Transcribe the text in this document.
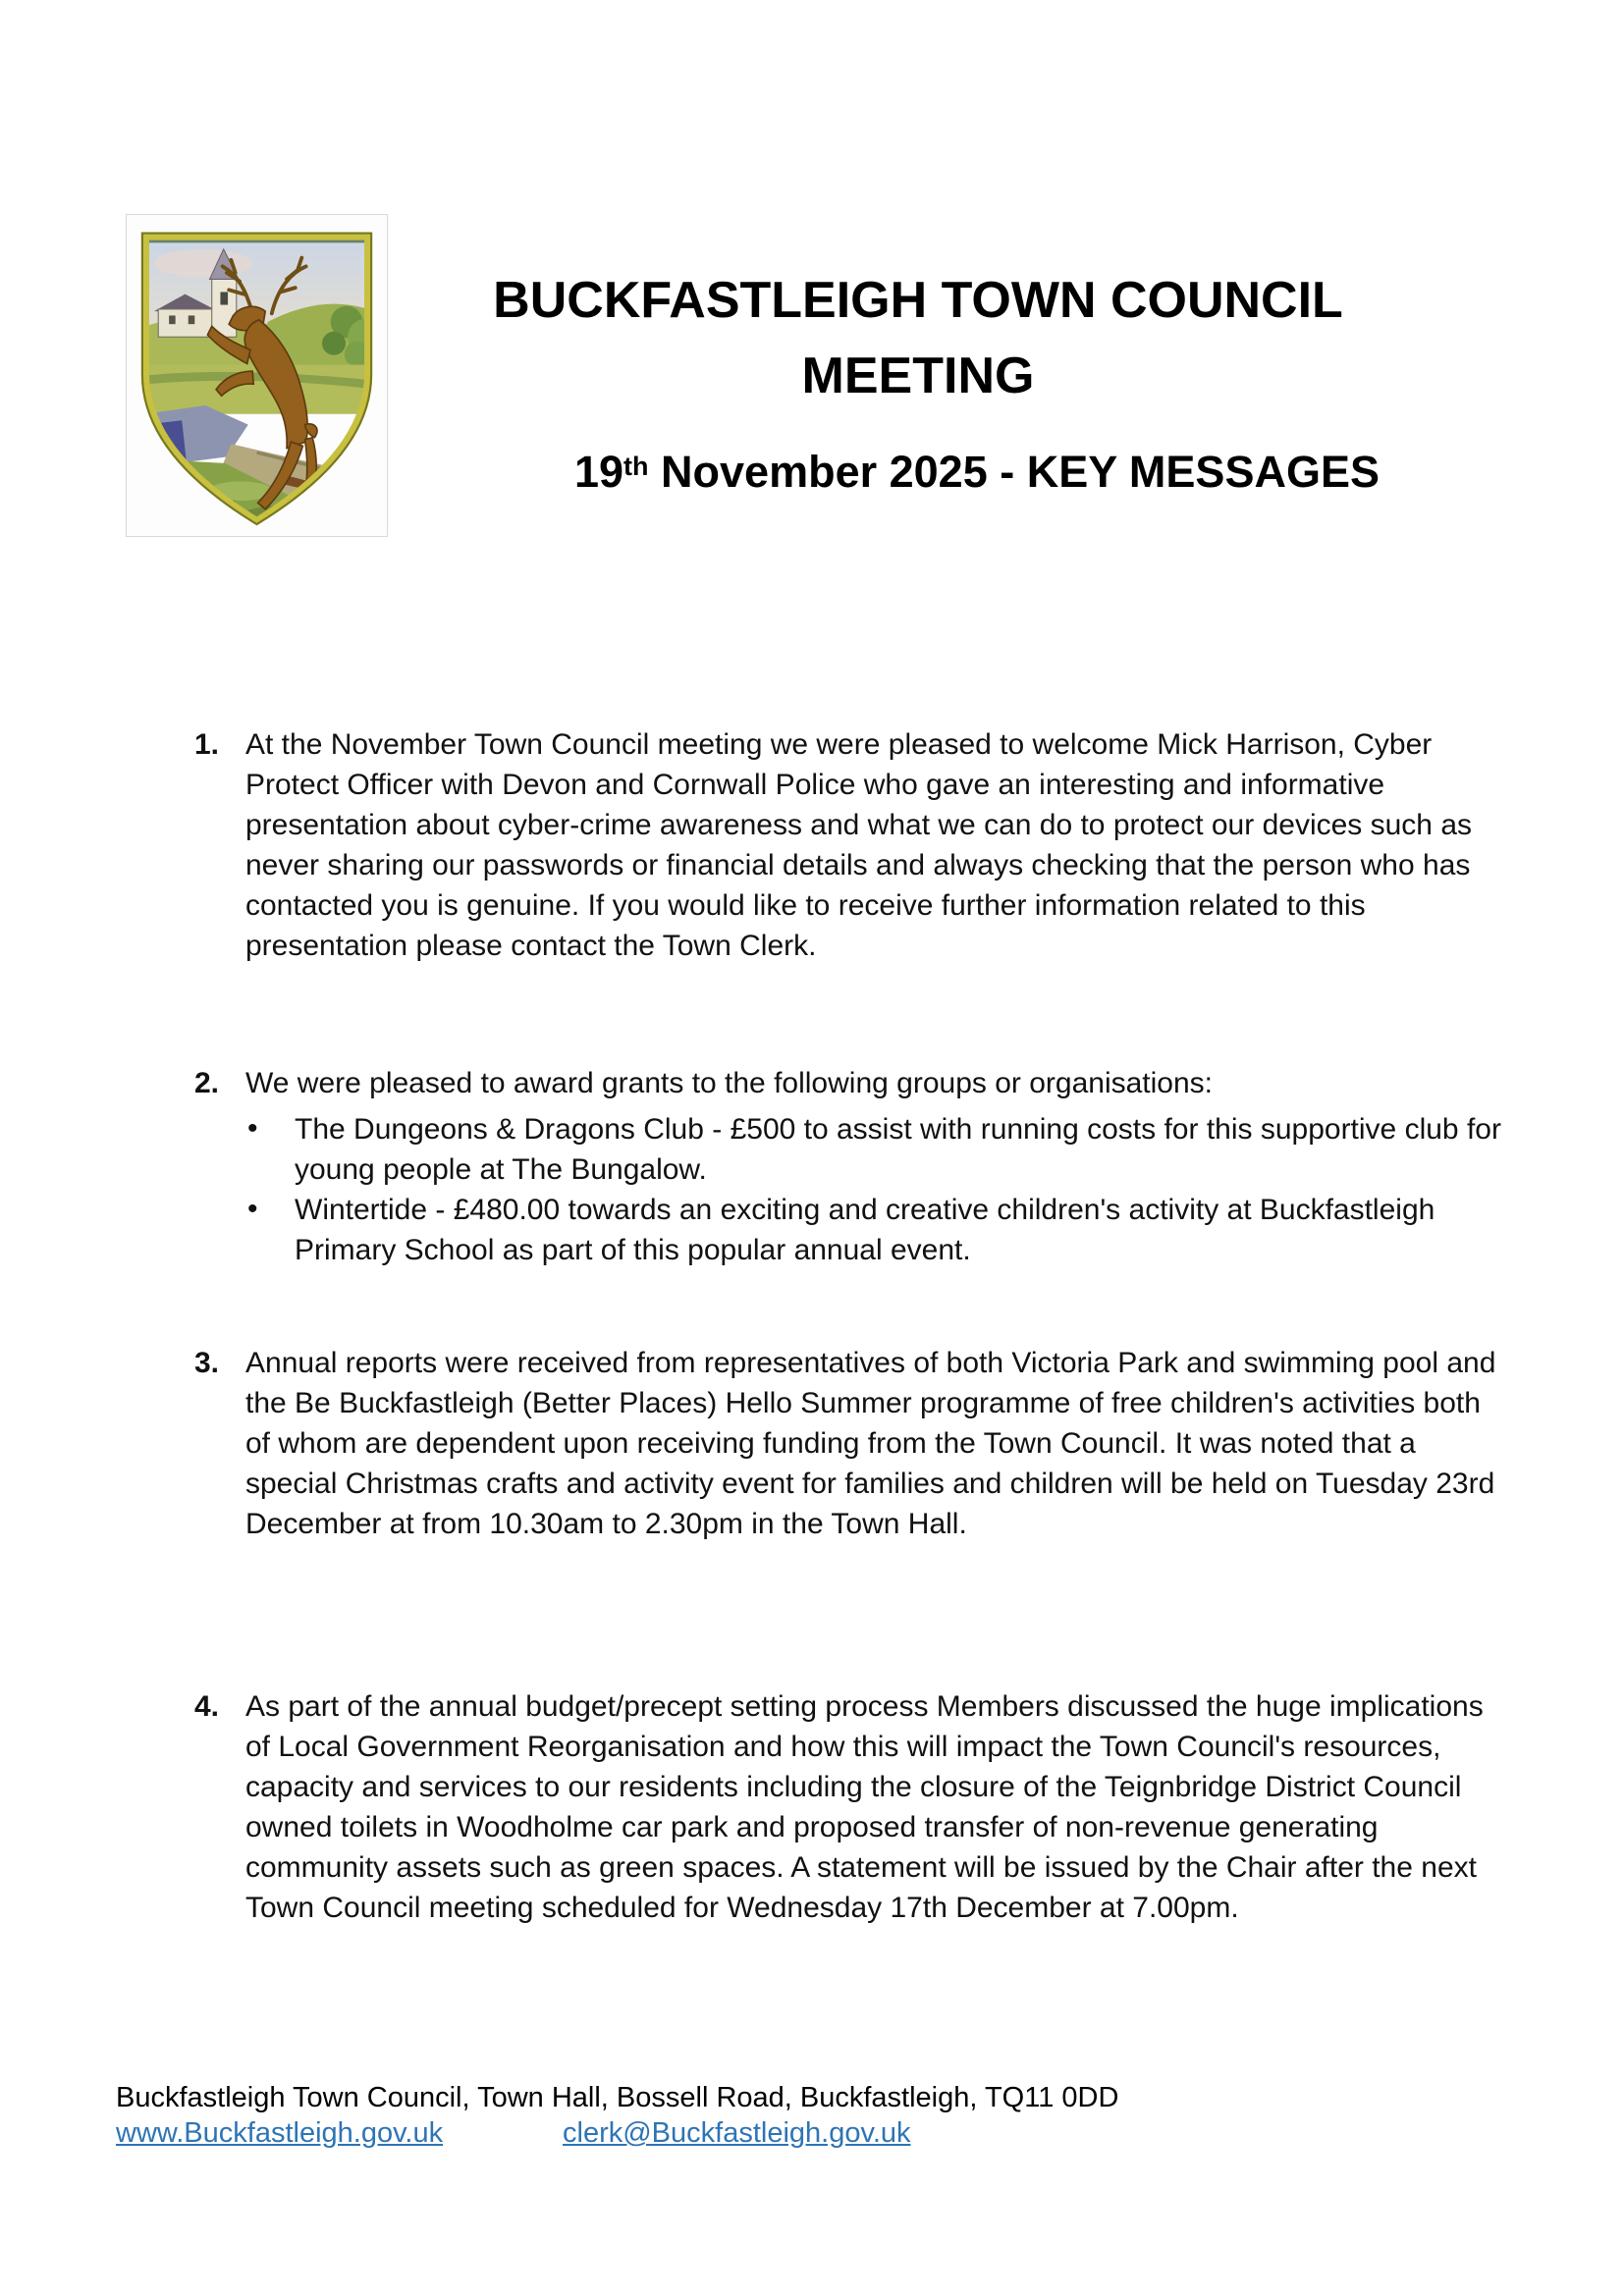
BUCKFASTLEIGH TOWN COUNCIL
MEETING
19th November 2025 - KEY MESSAGES
1. At the November Town Council meeting we were pleased to welcome Mick Harrison, Cyber Protect Officer with Devon and Cornwall Police who gave an interesting and informative presentation about cyber-crime awareness and what we can do to protect our devices such as never sharing our passwords or financial details and always checking that the person who has contacted you is genuine. If you would like to receive further information related to this presentation please contact the Town Clerk.
2. We were pleased to award grants to the following groups or organisations:
• The Dungeons & Dragons Club - £500 to assist with running costs for this supportive club for young people at The Bungalow.
• Wintertide - £480.00 towards an exciting and creative children's activity at Buckfastleigh Primary School as part of this popular annual event.
3. Annual reports were received from representatives of both Victoria Park and swimming pool and the Be Buckfastleigh (Better Places) Hello Summer programme of free children's activities both of whom are dependent upon receiving funding from the Town Council. It was noted that a special Christmas crafts and activity event for families and children will be held on Tuesday 23rd December at from 10.30am to 2.30pm in the Town Hall.
4. As part of the annual budget/precept setting process Members discussed the huge implications of Local Government Reorganisation and how this will impact the Town Council's resources, capacity and services to our residents including the closure of the Teignbridge District Council owned toilets in Woodholme car park and proposed transfer of non-revenue generating community assets such as green spaces. A statement will be issued by the Chair after the next Town Council meeting scheduled for Wednesday 17th December at 7.00pm.
Buckfastleigh Town Council, Town Hall, Bossell Road, Buckfastleigh, TQ11 0DD
www.Buckfastleigh.gov.uk	clerk@Buckfastleigh.gov.uk
